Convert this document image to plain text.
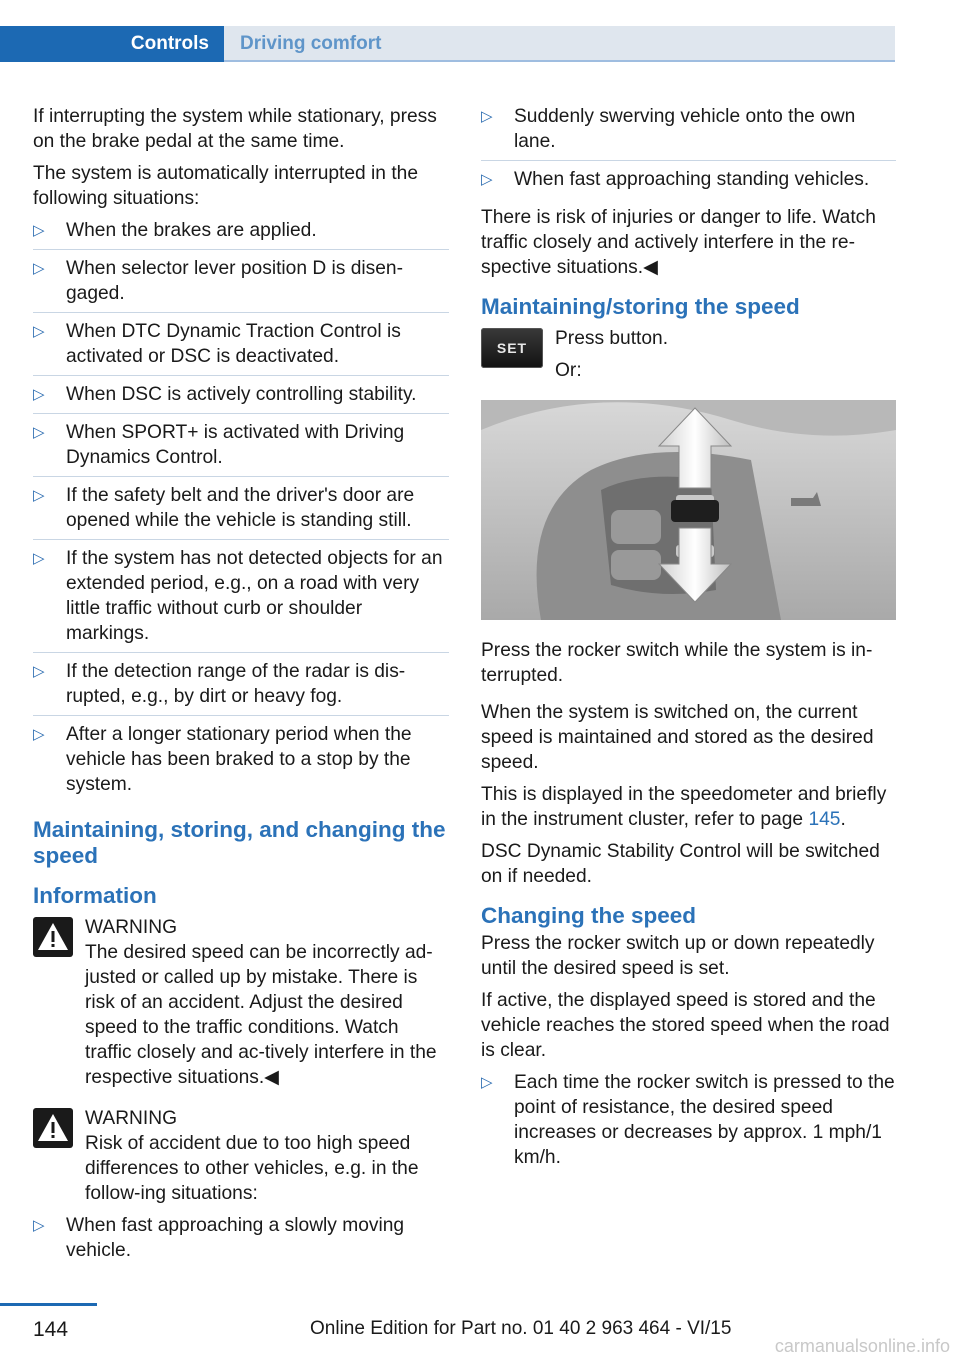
Controls	Driving comfort

If interrupting the system while stationary, press on the brake pedal at the same time.

The system is automatically interrupted in the following situations:

▷ When the brakes are applied.
▷ When selector lever position D is disen-gaged.
▷ When DTC Dynamic Traction Control is activated or DSC is deactivated.
▷ When DSC is actively controlling stability.
▷ When SPORT+ is activated with Driving Dynamics Control.
▷ If the safety belt and the driver's door are opened while the vehicle is standing still.
▷ If the system has not detected objects for an extended period, e.g., on a road with very little traffic without curb or shoulder markings.
▷ If the detection range of the radar is dis-rupted, e.g., by dirt or heavy fog.
▷ After a longer stationary period when the vehicle has been braked to a stop by the system.
Maintaining, storing, and changing the speed
Information
WARNING

The desired speed can be incorrectly ad-justed or called up by mistake. There is risk of an accident. Adjust the desired speed to the traffic conditions. Watch traffic closely and ac-tively interfere in the respective situations.◀

WARNING

Risk of accident due to too high speed differences to other vehicles, e.g. in the follow-ing situations:

▷ When fast approaching a slowly moving vehicle.
▷ Suddenly swerving vehicle onto the own lane.
▷ When fast approaching standing vehicles.

There is risk of injuries or danger to life. Watch traffic closely and actively interfere in the re-spective situations.◀

Maintaining/storing the speed
SET	Press button.

Or:

Press the rocker switch while the system is in-terrupted.

When the system is switched on, the current speed is maintained and stored as the desired speed.

This is displayed in the speedometer and briefly in the instrument cluster, refer to page 145.

DSC Dynamic Stability Control will be switched on if needed.

Changing the speed

Press the rocker switch up or down repeatedly until the desired speed is set.

If active, the displayed speed is stored and the vehicle reaches the stored speed when the road is clear.

▷ Each time the rocker switch is pressed to the point of resistance, the desired speed increases or decreases by approx. 1 mph/1 km/h.
144	Online Edition for Part no. 01 40 2 963 464 - VI/15
carmanualsonline.info
